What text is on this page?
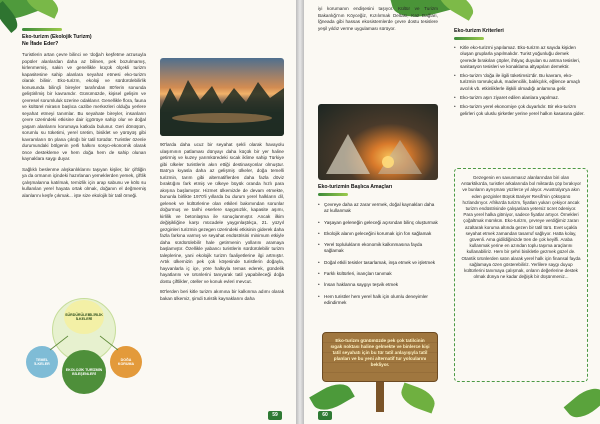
Eko-turizm (Ekolojik Turizm)
Ne İfade Eder?

Turistlerin artan çevre bilinci ve 'doğal'ı keşfetme arzusuyla popüler alanlardan daha az bilinen, pek bozulmamış, kirlenmemiş, sakin ve genellikle küçük ölçekli turizm kapasitesine sahip alanlara seyahat etmesi eko-turizm olarak bilinir. Eko-turizm, ekoloji ve sürdürülebilirlik konusunda bilinçli bireyler tarafından 80'lerin sonunda geliştirilmiş bir kavramdır. Günümüzde, kişisel gelişim ve çevresel sorumluluk üzerine odaklanır. Genellikle flora, fauna ve kültürel mirasın başlıca cazibe merkezleri olduğu yerlere seyahat etmeyi tanımlar. Bu seyahate bireyler, insanların çevre üzerindeki etkisine dair içgörüye sahip olur ve doğal yaşam alanlarını korumaya katkıda bulunur. Geri dönüşüm, sorumlu su tüketimi, yerel üretim, bisiklet ve yürüyüş gibi kavramların ön plana çıktığı bir tatil türüdür. Turistler özenle durumundaki bölgenin yerli halkını sosyo-ekonomik olarak önce destekleme ve hem doğa hem de sahip olunan kaynaklara saygı duyar.

Sağlıklı beslenme alışkanlıklarını taşıyan kişiler, bir çiftliğin ya da ormanın içindeki hazırlanan yemeklerden yemek, çiftlik çalışmalarına katılmak, temizlik için arap sabunu ve kölü su kullanılan yerel hayata ortak olmak, doğanın el değmemiş alanlarını keşfe çıkmak... işte size ekolojik bir tatil örneği.

SÜRDÜRÜLEBİLİRLİK İLKELERİ
TEMEL İLKELER
DOĞA KORUMA
EKOLOJİK TURİZMİN BİLEŞENLERİ

90'larda daha ucuz bir seyahat şekli olarak havayolu ulaşımının patlaması dünyayı daha küçük bir yer haline getirmiş ve kuzey yarımküredeki sıcak iklime sahip Türkiye gibi ülkeler turistlerin akın ettiği destinasyonlar olmuştur. Batı'ya kıyasla daha az gelişmiş ülkeler, doğa temelli turizmin, tarım gibi alternatiflerden daha fazla döviz bıraktığını fark etmiş ve ülkeye büyük oranda hızlı para akışına başlamıştır. Hizmet ülkemizde de devam etmekte, bununla birlikte 1970'li yıllarda bu durum yerel halkların dil, gelenek ve kültürlerine olan etkileri bakımından sorunlar doğurmuş ve tarihi eserlere saygısızlık, kapasite aşımı, kirlilik ve betonlaşma ile sonuçlanmıştır. Ancak ilkim değişikliğine karşı mücadele yaygınlaştıkça, 21. yüzyıl gezginleri turizmin gezegen üzerindeki etkisinin giderek daha fazla farkına varmış ve seyahat endüstrisini minimum etkiyle daha sürdürülebilir hale getirmenin yollarını aramaya başlamıştır. Özellikle yabancı turistlerin sürdürülebilir turizm taleplerine, yani ekolojik turizm faaliyetlerine ilgi artmıştır. Artık ülkemizin pek çok köşesinde turistlerin doğayla, hayvanlarla iç içe, yöre halkıyla temas ederek, gündelik hayatlarını ve ürünlerini tanıyarak tatil yapabileceği doğa dostu çiftlikler, oteller ve konuk evleri mevcut.

80'lerden beri kitle turizm akımına bir kalkınma adımı olarak bakan ülkemiz, şimdi turistik kaynaklarını daha

59

iyi korumanın endişesini taşıyor. Kültür ve Turizm Bakanlığı'nın Köyceğiz, Kızılırmak Deltası, Kaz Dağları, İğneada gibi hassas ekosistemlerde çevre dostu tesislere yeşil yıldız verme uygulaması sürüyor.

Eko-turizmin Başlıca Amaçları
• Çevreye daha az zarar vermek, doğal kaynakları daha az kullanmak
• Yaşayan geleneğin geleceği açısından bilinç oluşturmak
• Ekolojik alanın geleceğini korumak için fon sağlamak
• Yerel toplulukların ekonomik kalkınmasına fayda sağlamak
• Doğal etkili tesisler tasarlamak, inşa etmek ve işletmek
• Farklı kültürleri, inançları tanımak
• İnsan haklarına saygıyı teşvik etmek
• Hem turistler hem yerel halk için olumlu deneyimler edindirmek

Eko-turizm günümüzde pek çok tatilcinin sıgak noktası haline gelmekte ve binlerce kişi tatil seyahatı için bu tür tatil anlayışıyla tatil planları ve bu yeni alternatif tur yolcularını bekliyor.

Eko-turizm Kriterleri
• Kitle eko-turizmi yapılamaz. Eko-turizm az sayıda kişiden oluşan gruplarla yapılmalıdır. Turist yoğunluğu demek çevrede bırakılan çöpler, ihtiyaç duyulan su antma tesisleri, sanitasyon tesisleri ve konaklama altyapıları demektir.
• Eko-turizm 'doğa ile ilgili tüketimsiz'dir. Bu kavram, eko-turizmin tomrukçuluk, madencilik, balıkçılık, eğlence amaçlı avcılık vb. etkinliklerle ilişkili olmadığı anlamına gelir.
• Eko-turizm aşırı ziyaret edilen alanlara yapılmaz.
• Eko-turizm yerel ekonomiye çok duyarlıdır. Bir eko-turizm gelirleri çok uluslu şirketler yerine yerel halkın kasasına gider.

Gezegenin en savunmasız alanlarından biri olan Antarktika'da, turistler arkalarında bol miktarda çöp bırakıyor ve bunların ayrışması yüzlerce yıl alıyor. Avustralya'ya akın eden gezginler Büyük Bariyer Resifi'nin çöküşünü hızlandırıyor. Afrika'da turizm, fiyatları yukarı çekiyor ancak turizm endüstrisinde çalışanlara yetersiz ücret ödeniyor. Para yerel halka gitmiyor, sadece fiyatlar artıyor. Örnekleri çoğaltmak mümkün. Eko-turizm, çevreye verdiğimiz zararı azaltarak koruma altında gezen bir tatil türü. Evet uçakla seyahat etmek zamandan tasarruf sağlıyor. Hatta kolay, güvenli. Ama gidildiğinizde tren de çok keyifli. Araba kullanmak yerine en azından toplu taşıma araçlarını kullanabiliriz. Hem bir şehri bisikletle gezmek güzel de. Otantik ürünlerden satın alarak yerel halk için finansal fayda sağlamaya özen gösterebiliriz. Yerlilere saygı duyup kültürlerini tanımaya çalışmak, onların değerlerine destek olmak dünya ne kadar değişik bir düşünmeniz...

60
